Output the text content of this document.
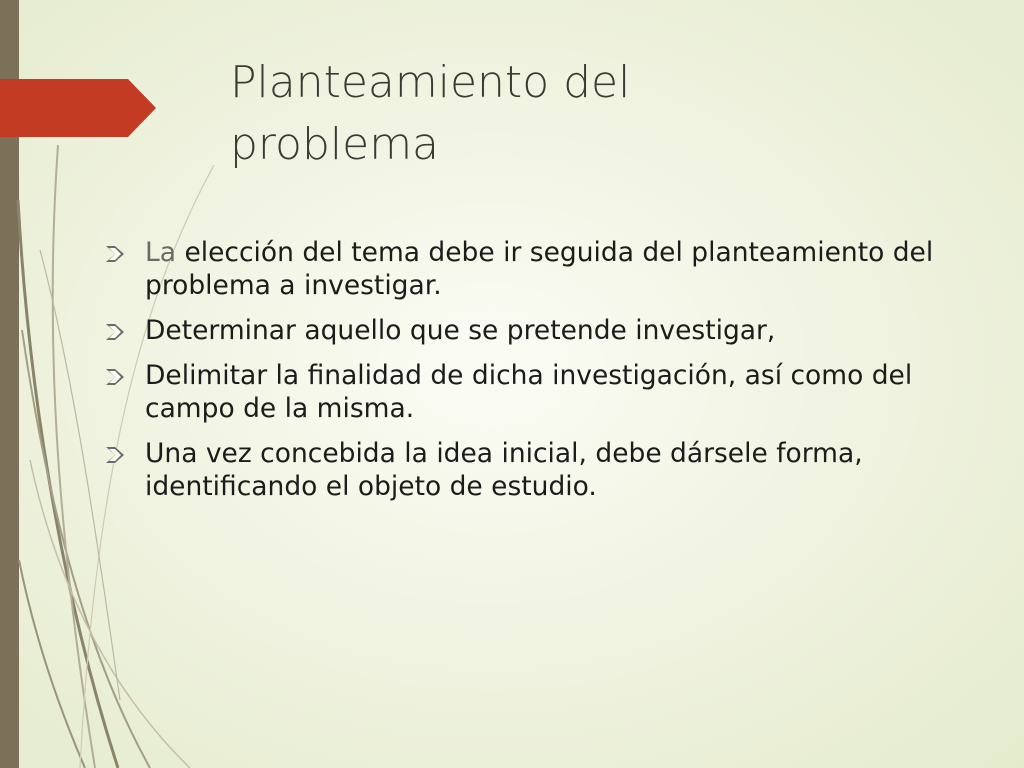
Planteamiento del
problema
La elección del tema debe ir seguida del planteamiento del problema a investigar.
Determinar aquello que se pretende investigar,
Delimitar la finalidad de dicha investigación, así como del campo de la misma.
Una vez concebida la idea inicial, debe dársele forma, identificando el objeto de estudio.
